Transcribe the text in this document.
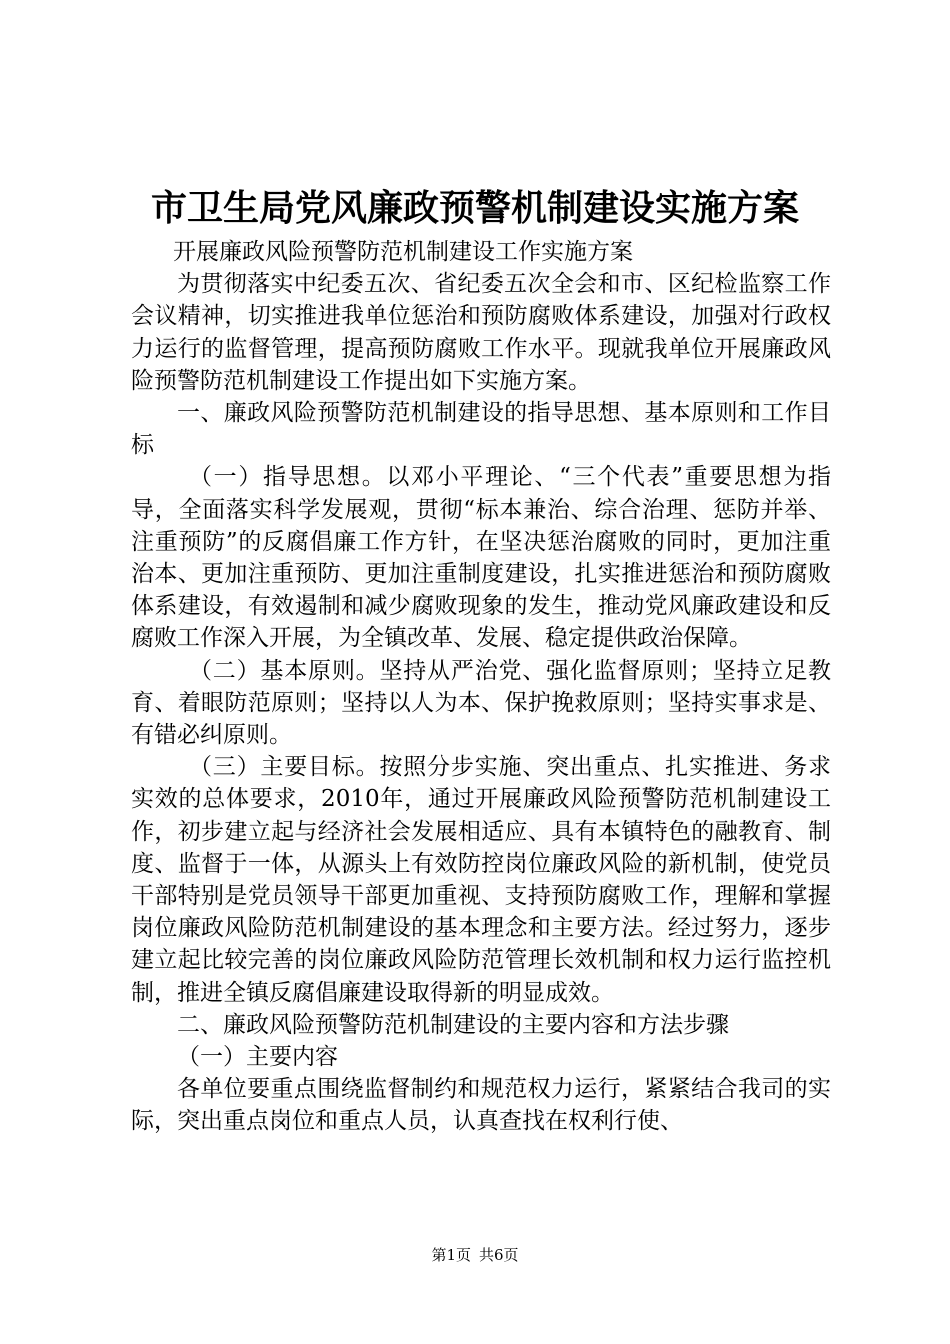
市卫生局党风廉政预警机制建设实施方案

开展廉政风险预警防范机制建设工作实施方案

为贯彻落实中纪委五次、省纪委五次全会和市、区纪检监察工作会议精神，切实推进我单位惩治和预防腐败体系建设，加强对行政权力运行的监督管理，提高预防腐败工作水平。现就我单位开展廉政风险预警防范机制建设工作提出如下实施方案。

一、廉政风险预警防范机制建设的指导思想、基本原则和工作目标

（一）指导思想。以邓小平理论、“三个代表”重要思想为指导，全面落实科学发展观，贯彻“标本兼治、综合治理、惩防并举、注重预防”的反腐倡廉工作方针，在坚决惩治腐败的同时，更加注重治本、更加注重预防、更加注重制度建设，扎实推进惩治和预防腐败体系建设，有效遏制和减少腐败现象的发生，推动党风廉政建设和反腐败工作深入开展，为全镇改革、发展、稳定提供政治保障。

（二）基本原则。坚持从严治党、强化监督原则；坚持立足教育、着眼防范原则；坚持以人为本、保护挽救原则；坚持实事求是、有错必纠原则。

（三）主要目标。按照分步实施、突出重点、扎实推进、务求实效的总体要求，2010年，通过开展廉政风险预警防范机制建设工作，初步建立起与经济社会发展相适应、具有本镇特色的融教育、制度、监督于一体，从源头上有效防控岗位廉政风险的新机制，使党员干部特别是党员领导干部更加重视、支持预防腐败工作，理解和掌握岗位廉政风险防范机制建设的基本理念和主要方法。经过努力，逐步建立起比较完善的岗位廉政风险防范管理长效机制和权力运行监控机制，推进全镇反腐倡廉建设取得新的明显成效。

二、廉政风险预警防范机制建设的主要内容和方法步骤

（一）主要内容

各单位要重点围绕监督制约和规范权力运行，紧紧结合我司的实际，突出重点岗位和重点人员，认真查找在权利行使、

第1页 共6页
